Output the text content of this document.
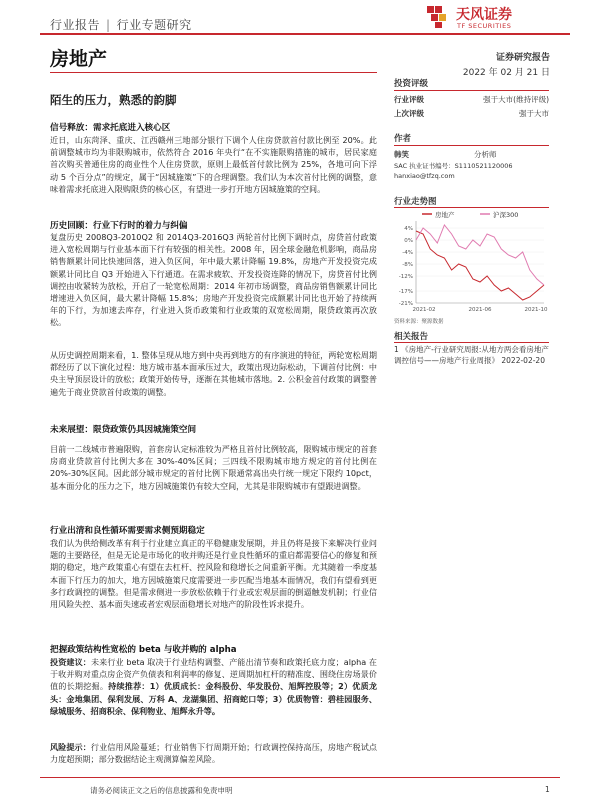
行业报告 | 行业专题研究
天风证券
TF SECURITIES
房地产	证券研究报告
2022 年 02 月 21 日
陌生的压力，熟悉的韵脚
投资评级
行业评级	强于大市(维持评级)
上次评级	强于大市
作者
韩笑	分析师
SAC 执业证书编号：S1110521120006
hanxiao@tfzq.com
行业走势图
房地产	沪深300
4%
0%
-4%
-8%
-12%
-17%
-21%
2021-02	2021-06	2021-10
资料来源：聚源数据
相关报告
1 《房地产-行业研究周报:从地方两会看房地产调控信号——房地产行业周报》 2022-02-20
信号释放：需求托底进入核心区

近日，山东菏泽、重庆、江西赣州三地部分银行下调个人住房贷款首付款比例至 20%。此前调整城市均为非限购城市，依然符合 2016 年央行“在不实施限购措施的城市，居民家庭首次购买普通住房的商业性个人住房贷款，原则上最低首付款比例为 25%，各地可向下浮动 5 个百分点”的规定，属于“因城施策”下的合理调整。我们认为本次首付比例的调整，意味着需求托底进入限购限贷的核心区，有望进一步打开地方因城施策的空间。

历史回顾：行业下行时的着力与纠偏

复盘历史 2008Q3-2010Q2 和 2014Q3-2016Q3 两轮首付比例下调时点，房贷首付政策进入宽松周期与行业基本面下行有较强的相关性。2008 年，因全球金融危机影响，商品房销售额累计同比快速回落，进入负区间，年中最大累计降幅 19.8%，房地产开发投资完成额累计同比自 Q3 开始进入下行通道。在需求疲软、开发投资连降的情况下，房贷首付比例调控由收紧转为放松，开启了一轮宽松周期：2014 年初市场调整，商品房销售额累计同比增速进入负区间，最大累计降幅 15.8%；房地产开发投资完成额累计同比也开始了持续两年的下行，为加速去库存，行业进入货币政策和行业政策的双宽松周期，限贷政策再次放松。

从历史调控周期来看，1. 整体呈现从地方到中央再到地方的有序演进的特征，两轮宽松周期都经历了以下演化过程：地方城市基本面承压过大，政策出现边际松动，下调首付比例：中央主导顶层设计的放松；政策开始传导，逐渐在其他城市落地。2. 公积金首付政策的调整普遍先于商业贷款首付政策的调整。

未来展望：限贷政策仍具因城施策空间

目前一二线城市普遍限购，首套房认定标准较为严格且首付比例较高，限购城市规定的首套房商业贷款首付比例大多在 30%-40%区间；三四线不限购城市地方规定的首付比例在 20%-30%区间。因此部分城市规定的首付比例下限通常高出央行统一规定下限约 10pct，基本面分化的压力之下，地方因城施策仍有较大空间，尤其是非限购城市有望跟进调整。

行业出清和良性循环需要需求侧预期稳定

我们认为供给侧改革有利于行业建立真正的平稳健康发展期，并且仍将是接下来解决行业问题的主要路径，但是无论是市场化的收并购还是行业良性循环的重启都需要信心的修复和预期的稳定，地产政策重心有望在去杠杆、控风险和稳增长之间重新平衡。尤其随着一季度基本面下行压力的加大，地方因城施策尺度需要进一步匹配当地基本面情况，我们有望看到更多行政调控的调整。但是需求侧进一步放松依赖于行业或宏观层面的倒逼触发机制；行业信用风险失控、基本面失速或者宏观层面稳增长对地产的阶段性诉求提升。

把握政策结构性宽松的 beta 与收并购的 alpha

投资建议：未来行业 beta 取决于行业结构调整、产能出清节奏和政策托底力度；alpha 在于收并购对重点房企资产负债表和利润率的修复、逆周期加杠杆的精准度、围绕住房场景价值的长期挖掘。持续推荐：1）优质成长：金科股份、华发股份、旭辉控股等；2）优质龙头：金地集团、保利发展、万科 A、龙湖集团、招商蛇口等；3）优质物管：碧桂园服务、绿城服务、招商积余、保利物业、旭辉永升等。

风险提示：行业信用风险蔓延；行业销售下行周期开始；行政调控保持高压，房地产税试点力度超预期；部分数据结论主观测算偏差风险。

请务必阅读正文之后的信息披露和免责申明	1
